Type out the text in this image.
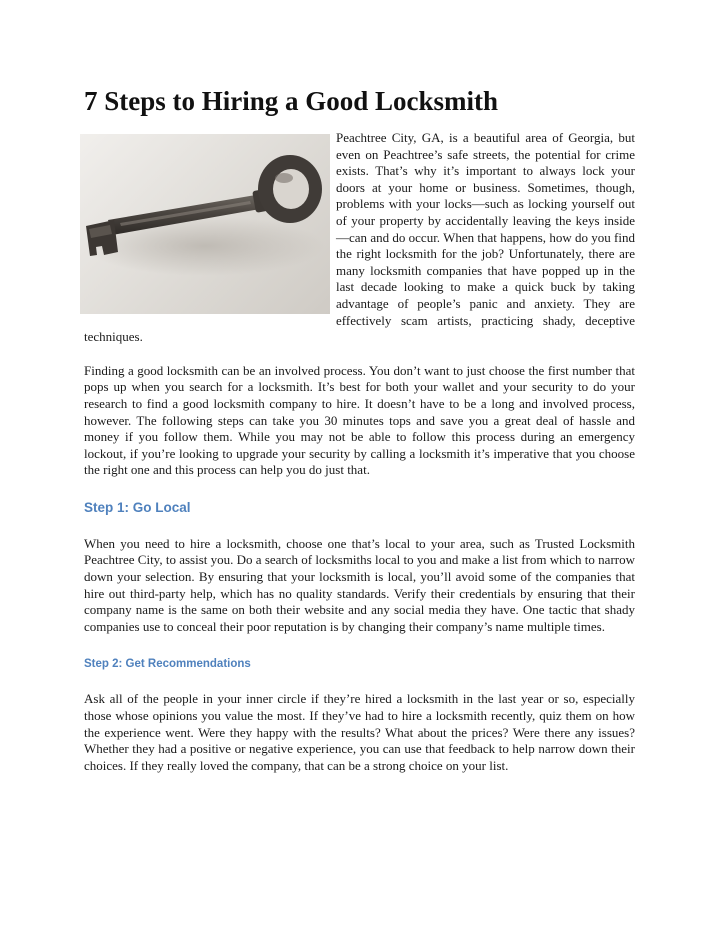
7 Steps to Hiring a Good Locksmith

Peachtree City, GA, is a beautiful area of Georgia, but even on Peachtree’s safe streets, the potential for crime exists. That’s why it’s important to always lock your doors at your home or business. Sometimes, though, problems with your locks—such as locking yourself out of your property by accidentally leaving the keys inside—can and do occur. When that happens, how do you find the right locksmith for the job? Unfortunately, there are many locksmith companies that have popped up in the last decade looking to make a quick buck by taking advantage of people’s panic and anxiety. They are effectively scam artists, practicing shady, deceptive techniques.

Finding a good locksmith can be an involved process. You don’t want to just choose the first number that pops up when you search for a locksmith. It’s best for both your wallet and your security to do your research to find a good locksmith company to hire. It doesn’t have to be a long and involved process, however. The following steps can take you 30 minutes tops and save you a great deal of hassle and money if you follow them. While you may not be able to follow this process during an emergency lockout, if you’re looking to upgrade your security by calling a locksmith it’s imperative that you choose the right one and this process can help you do just that.

Step 1: Go Local

When you need to hire a locksmith, choose one that’s local to your area, such as Trusted Locksmith Peachtree City, to assist you. Do a search of locksmiths local to you and make a list from which to narrow down your selection. By ensuring that your locksmith is local, you’ll avoid some of the companies that hire out third-party help, which has no quality standards. Verify their credentials by ensuring that their company name is the same on both their website and any social media they have. One tactic that shady companies use to conceal their poor reputation is by changing their company’s name multiple times.

Step 2: Get Recommendations

Ask all of the people in your inner circle if they’re hired a locksmith in the last year or so, especially those whose opinions you value the most. If they’ve had to hire a locksmith recently, quiz them on how the experience went. Were they happy with the results? What about the prices? Were there any issues? Whether they had a positive or negative experience, you can use that feedback to help narrow down their choices. If they really loved the company, that can be a strong choice on your list.
